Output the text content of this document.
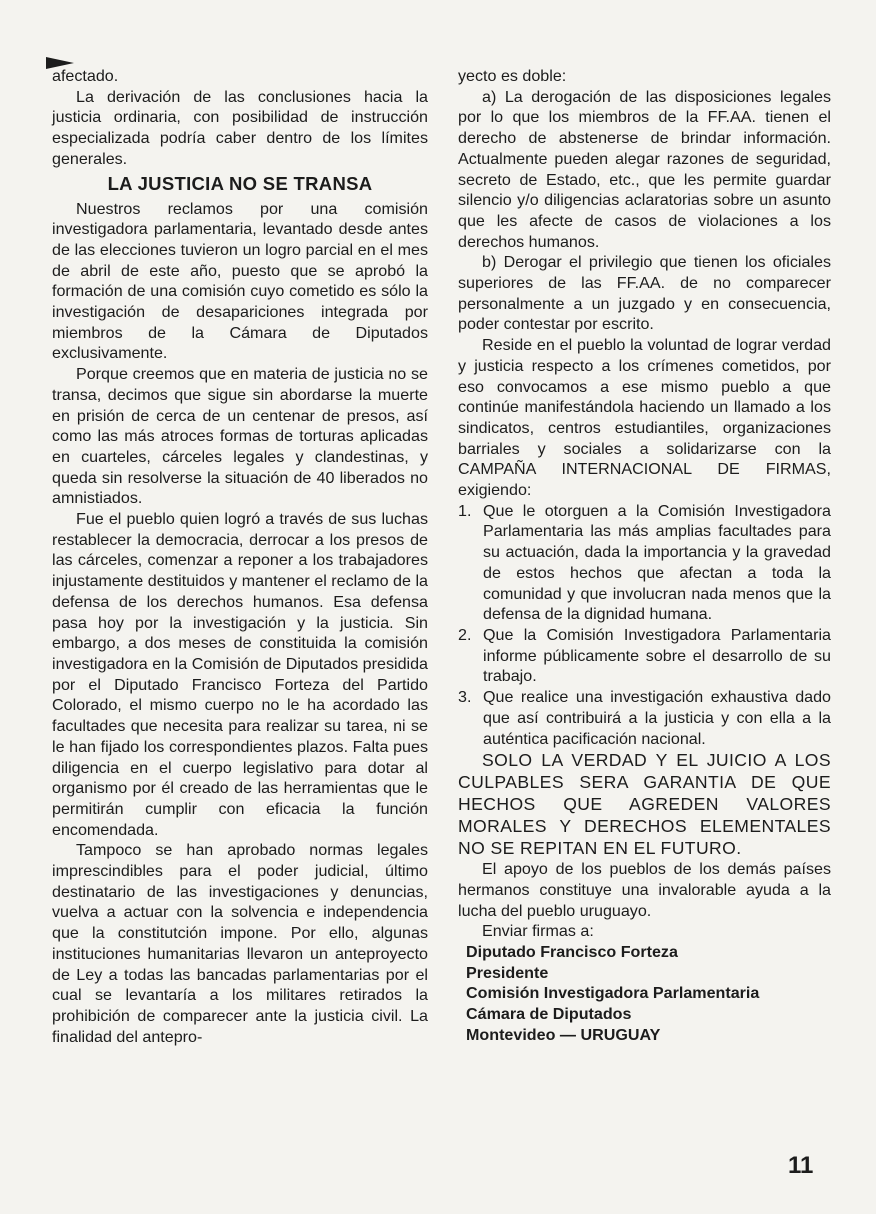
afectado.

La derivación de las conclusiones hacia la justicia ordinaria, con posibilidad de instrucción especializada podría caber dentro de los límites generales.

LA JUSTICIA NO SE TRANSA

Nuestros reclamos por una comisión investigadora parlamentaria, levantado desde antes de las elecciones tuvieron un logro parcial en el mes de abril de este año, puesto que se aprobó la formación de una comisión cuyo cometido es sólo la investigación de desapariciones integrada por miembros de la Cámara de Diputados exclusivamente.

Porque creemos que en materia de justicia no se transa, decimos que sigue sin abordarse la muerte en prisión de cerca de un centenar de presos, así como las más atroces formas de torturas aplicadas en cuarteles, cárceles legales y clandestinas, y queda sin resolverse la situación de 40 liberados no amnistiados.

Fue el pueblo quien logró a través de sus luchas restablecer la democracia, derrocar a los presos de las cárceles, comenzar a reponer a los trabajadores injustamente destituidos y mantener el reclamo de la defensa de los derechos humanos. Esa defensa pasa hoy por la investigación y la justicia. Sin embargo, a dos meses de constituida la comisión investigadora en la Comisión de Diputados presidida por el Diputado Francisco Forteza del Partido Colorado, el mismo cuerpo no le ha acordado las facultades que necesita para realizar su tarea, ni se le han fijado los correspondientes plazos. Falta pues diligencia en el cuerpo legislativo para dotar al organismo por él creado de las herramientas que le permitirán cumplir con eficacia la función encomendada.

Tampoco se han aprobado normas legales imprescindibles para el poder judicial, último destinatario de las investigaciones y denuncias, vuelva a actuar con la solvencia e independencia que la constitutción impone. Por ello, algunas instituciones humanitarias llevaron un anteproyecto de Ley a todas las bancadas parlamentarias por el cual se levantaría a los militares retirados la prohibición de comparecer ante la justicia civil. La finalidad del antepro-

yecto es doble:

a) La derogación de las disposiciones legales por lo que los miembros de la FF.AA. tienen el derecho de abstenerse de brindar información. Actualmente pueden alegar razones de seguridad, secreto de Estado, etc., que les permite guardar silencio y/o diligencias aclaratorias sobre un asunto que les afecte de casos de violaciones a los derechos humanos.

b) Derogar el privilegio que tienen los oficiales superiores de las FF.AA. de no comparecer personalmente a un juzgado y en consecuencia, poder contestar por escrito.

Reside en el pueblo la voluntad de lograr verdad y justicia respecto a los crímenes cometidos, por eso convocamos a ese mismo pueblo a que continúe manifestándola haciendo un llamado a los sindicatos, centros estudiantiles, organizaciones barriales y sociales a solidarizarse con la CAMPAÑA INTERNACIONAL DE FIRMAS, exigiendo:

1. Que le otorguen a la Comisión Investigadora Parlamentaria las más amplias facultades para su actuación, dada la importancia y la gravedad de estos hechos que afectan a toda la comunidad y que involucran nada menos que la defensa de la dignidad humana.
2. Que la Comisión Investigadora Parlamentaria informe públicamente sobre el desarrollo de su trabajo.
3. Que realice una investigación exhaustiva dado que así contribuirá a la justicia y con ella a la auténtica pacificación nacional.

SOLO LA VERDAD Y EL JUICIO A LOS CULPABLES SERA GARANTIA DE QUE HECHOS QUE AGREDEN VALORES MORALES Y DERECHOS ELEMENTALES NO SE REPITAN EN EL FUTURO.

El apoyo de los pueblos de los demás países hermanos constituye una invalorable ayuda a la lucha del pueblo uruguayo.

Enviar firmas a:

Diputado Francisco Forteza

Presidente

Comisión Investigadora Parlamentaria

Cámara de Diputados

Montevideo — URUGUAY

11
